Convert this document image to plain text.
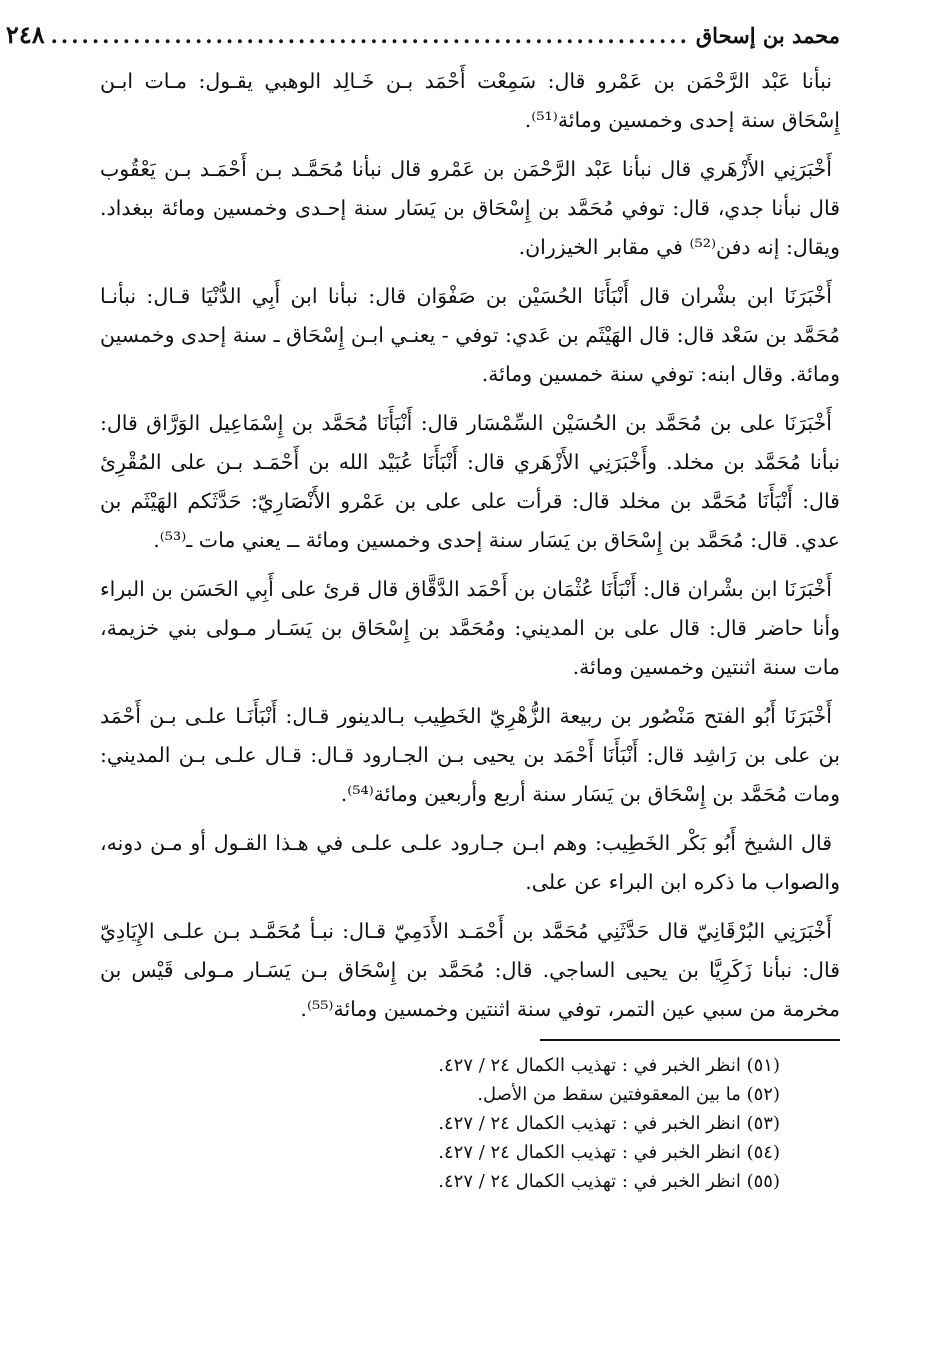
محمد بن إسحاق
..............................................................
٢٤٨

نبأنا عَبْد الرَّحْمَن بن عَمْرو قال: سَمِعْت أَحْمَد بـن خَـالِد الوهبي يقـول: مـات ابـن إِسْحَاق سنة إحدى وخمسين ومائة⁽⁵¹⁾.

أَخْبَرَنِي الأَزْهَري قال نبأنا عَبْد الرَّحْمَن بن عَمْرو قال نبأنا مُحَمَّـد بـن أَحْمَـد بـن يَعْقُوب قال نبأنا جدي، قال: توفي مُحَمَّد بن إِسْحَاق بن يَسَار سنة إحـدى وخمسين ومائة ببغداد. ويقال: إنه دفن⁽⁵²⁾ في مقابر الخيزران.

أَخْبَرَنَا ابن بشْران قال أَنْبَأَنَا الحُسَيْن بن صَفْوَان قال: نبأنا ابن أَبِي الدُّنْيَا قـال: نبأنـا مُحَمَّد بن سَعْد قال: قال الهَيْثَم بن عَدي: توفي - يعنـي ابـن إِسْحَاق ـ سنة إحدى وخمسين ومائة. وقال ابنه: توفي سنة خمسين ومائة.

أَخْبَرَنَا على بن مُحَمَّد بن الحُسَيْن السِّمْسَار قال: أَنْبَأَنَا مُحَمَّد بن إِسْمَاعِيل الوَرَّاق قال: نبأنا مُحَمَّد بن مخلد. وأَخْبَرَنِي الأَزْهَري قال: أَنْبَأَنَا عُبَيْد الله بن أَحْمَـد بـن على المُقْرِئ قال: أَنْبَأَنَا مُحَمَّد بن مخلد قال: قرأت على على بن عَمْرو الأَنْصَارِيّ: حَدَّثَكم الهَيْثَم بن عدي. قال: مُحَمَّد بن إِسْحَاق بن يَسَار سنة إحدى وخمسين ومائة ــ يعني مات ـ⁽⁵³⁾.

أَخْبَرَنَا ابن بشْران قال: أَنْبَأَنَا عُثْمَان بن أَحْمَد الدَّقَّاق قال قرئ على أَبِي الحَسَن بن البراء وأنا حاضر قال: قال على بن المديني: ومُحَمَّد بن إِسْحَاق بن يَسَـار مـولى بني خزيمة، مات سنة اثنتين وخمسين ومائة.

أَخْبَرَنَا أَبُو الفتح مَنْصُور بن ربيعة الزُّهْرِيّ الخَطِيب بـالدينور قـال: أَنْبَأَنَـا علـى بـن أَحْمَد بن على بن رَاشِد قال: أَنْبَأَنَا أَحْمَد بن يحيى بـن الجـارود قـال: قـال علـى بـن المديني: ومات مُحَمَّد بن إِسْحَاق بن يَسَار سنة أربع وأربعين ومائة⁽⁵⁴⁾.

قال الشيخ أَبُو بَكْر الخَطِيب: وهم ابـن جـارود علـى علـى في هـذا القـول أو مـن دونه، والصواب ما ذكره ابن البراء عن على.

أَخْبَرَنِي البُرْقَانِيّ قال حَدَّثَنِي مُحَمَّد بن أَحْمَـد الأَدَمِيّ قـال: نبـأ مُحَمَّـد بـن علـى الإِيَادِيّ قال: نبأنا زَكَرِيَّا بن يحيى الساجي. قال: مُحَمَّد بن إِسْحَاق بـن يَسَـار مـولى قَيْس بن مخرمة من سبي عين التمر، توفي سنة اثنتين وخمسين ومائة⁽⁵⁵⁾.

(٥١) انظر الخبر في : تهذيب الكمال ٢٤ / ٤٢٧.
(٥٢) ما بين المعقوفتين سقط من الأصل.
(٥٣) انظر الخبر في : تهذيب الكمال ٢٤ / ٤٢٧.
(٥٤) انظر الخبر في : تهذيب الكمال ٢٤ / ٤٢٧.
(٥٥) انظر الخبر في : تهذيب الكمال ٢٤ / ٤٢٧.
